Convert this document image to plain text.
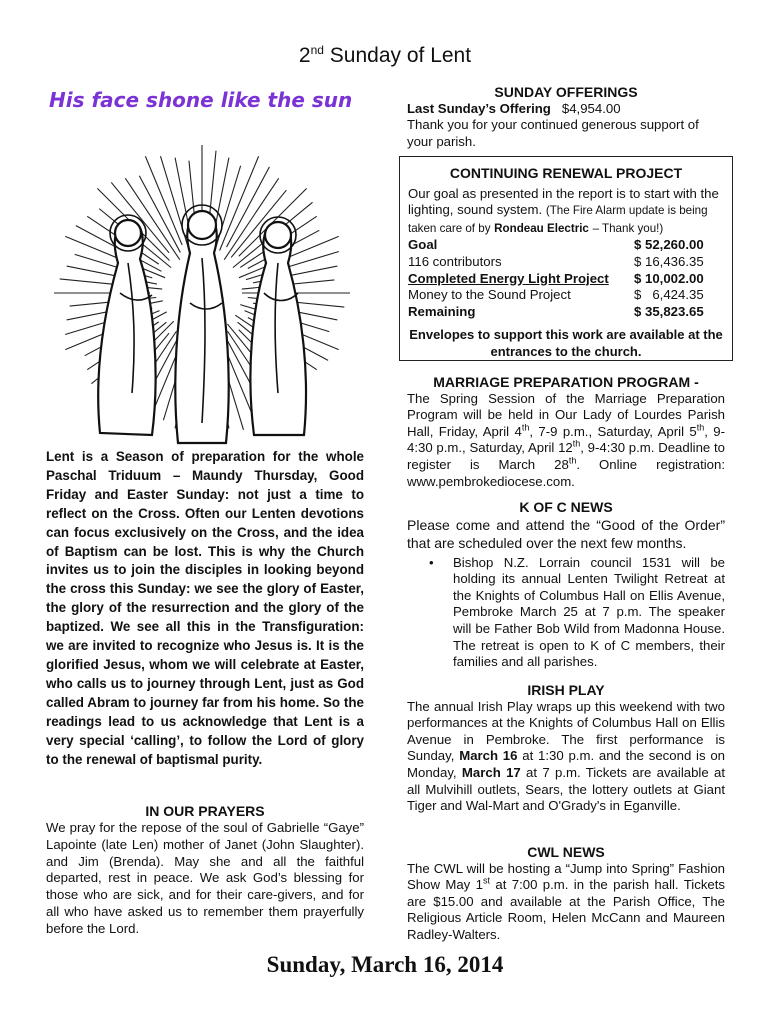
2nd Sunday of Lent
His face shone like the sun
Lent is a Season of preparation for the whole Paschal Triduum – Maundy Thursday, Good Friday and Easter Sunday: not just a time to reflect on the Cross. Often our Lenten devotions can focus exclusively on the Cross, and the idea of Baptism can be lost. This is why the Church invites us to join the disciples in looking beyond the cross this Sunday: we see the glory of Easter, the glory of the resurrection and the glory of the baptized. We see all this in the Transfiguration: we are invited to recognize who Jesus is. It is the glorified Jesus, whom we will celebrate at Easter, who calls us to journey through Lent, just as God called Abram to journey far from his home. So the readings lead to us acknowledge that Lent is a very special ‘calling’, to follow the Lord of glory to the renewal of baptismal purity.
IN OUR PRAYERS
We pray for the repose of the soul of Gabrielle “Gaye” Lapointe (late Len) mother of Janet (John Slaughter). and Jim (Brenda). May she and all the faithful departed, rest in peace. We ask God’s blessing for those who are sick, and for their care-givers, and for all who have asked us to remember them prayerfully before the Lord.
SUNDAY OFFERINGS
Last Sunday’s Offering $4,954.00
Thank you for your continued generous support of your parish.
CONTINUING RENEWAL PROJECT
Our goal as presented in the report is to start with the lighting, sound system. (The Fire Alarm update is being taken care of by Rondeau Electric – Thank you!)
Goal	$ 52,260.00
116 contributors	$ 16,436.35
Completed Energy Light Project $ 10,002.00
Money to the Sound Project	$   6,424.35
Remaining	$ 35,823.65
Envelopes to support this work are available at the entrances to the church.
MARRIAGE PREPARATION PROGRAM -
The Spring Session of the Marriage Preparation Program will be held in Our Lady of Lourdes Parish Hall, Friday, April 4th, 7-9 p.m., Saturday, April 5th, 9-4:30 p.m., Saturday, April 12th, 9-4:30 p.m. Deadline to register is March 28th. Online registration: www.pembrokediocese.com.
K OF C NEWS
Please come and attend the “Good of the Order” that are scheduled over the next few months.
• Bishop N.Z. Lorrain council 1531 will be holding its annual Lenten Twilight Retreat at the Knights of Columbus Hall on Ellis Avenue, Pembroke March 25 at 7 p.m. The speaker will be Father Bob Wild from Madonna House. The retreat is open to K of C members, their families and all parishes.
IRISH PLAY
The annual Irish Play wraps up this weekend with two performances at the Knights of Columbus Hall on Ellis Avenue in Pembroke. The first performance is Sunday, March 16 at 1:30 p.m. and the second is on Monday, March 17 at 7 p.m. Tickets are available at all Mulvihill outlets, Sears, the lottery outlets at Giant Tiger and Wal-Mart and O'Grady's in Eganville.
CWL NEWS
The CWL will be hosting a “Jump into Spring” Fashion Show May 1st at 7:00 p.m. in the parish hall. Tickets are $15.00 and available at the Parish Office, The Religious Article Room, Helen McCann and Maureen Radley-Walters.
Sunday, March 16, 2014
